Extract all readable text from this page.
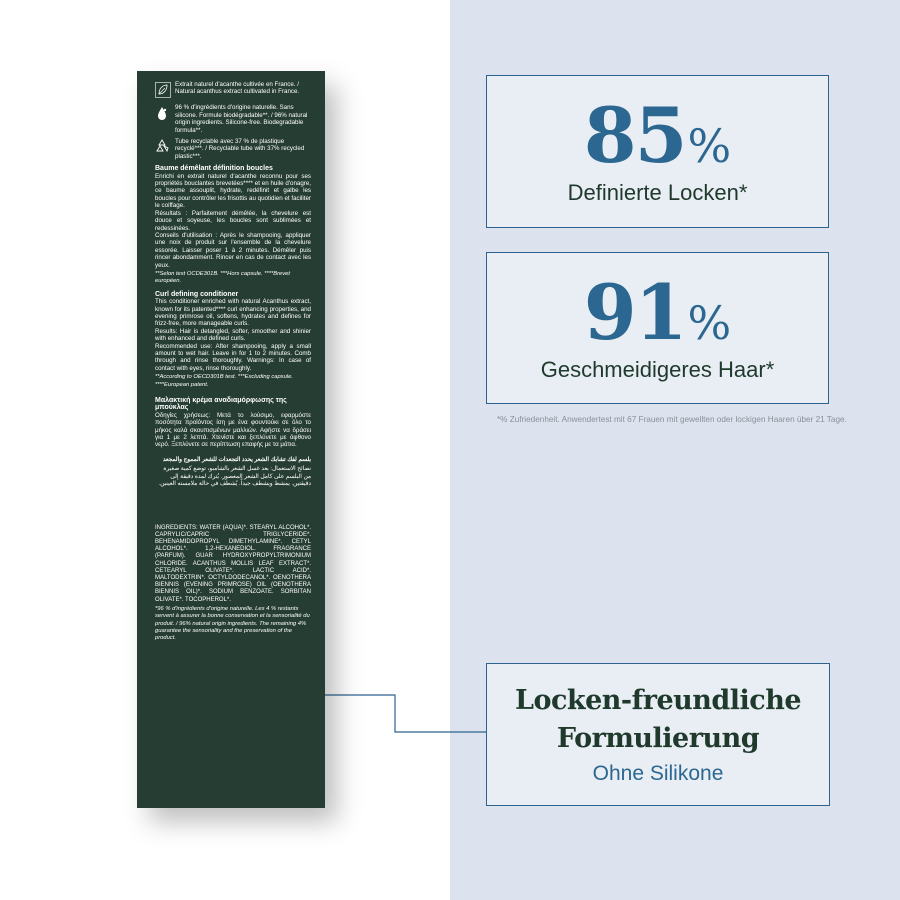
85%
Definierte Locken*
91%
Geschmeidigeres Haar*
*% Zufriedenheit. Anwendertest mit 67 Frauen mit gewellten oder lockigen Haaren über 21 Tage.
Locken-freundliche
Formulierung
Ohne Silikone
Extrait naturel d'acanthe cultivée en France. / Natural acanthus extract cultivated in France.
96 % d'ingrédients d'origine naturelle. Sans silicone. Formule biodégradable**. / 96% natural origin ingredients. Silicone-free. Biodegradable formula**.
Tube recyclable avec 37 % de plastique recyclé***. / Recyclable tube with 37% recycled plastic***.
Baume démêlant définition boucles
Enrichi en extrait naturel d'acanthe reconnu pour ses propriétés bouclantes brevetées**** et en huile d'onagre, ce baume assouplit, hydrate, redéfinit et galbe les boucles pour contrôler les frisottis au quotidien et faciliter le coiffage.
Résultats : Parfaitement démêlée, la chevelure est douce et soyeuse, les boucles sont sublimées et redessinées.
Conseils d'utilisation : Après le shampooing, appliquer une noix de produit sur l'ensemble de la chevelure essorée. Laisser poser 1 à 2 minutes. Démêler puis rincer abondamment. Rincer en cas de contact avec les yeux.
**Selon test OCDE301B. ***Hors capsule. ****Brevet européen.
Curl defining conditioner
This conditioner enriched with natural Acanthus extract, known for its patented**** curl enhancing properties, and evening primrose oil, softens, hydrates and defines for frizz-free, more manageable curls.
Results: Hair is detangled, softer, smoother and shinier with enhanced and defined curls.
Recommended use: After shampooing, apply a small amount to wet hair. Leave in for 1 to 2 minutes. Comb through and rinse thoroughly. Warnings: In case of contact with eyes, rinse thoroughly.
**According to OECD301B test. ***Excluding capsule. ****European patent.
Μαλακτική κρέμα αναδιαμόρφωσης της μπούκλας
Οδηγίες χρήσεως: Μετά το λούσιμο, εφαρμόστε ποσότητα προϊόντος ίση με ένα φουντούκι σε όλο το μήκος καλά σκουπισμένων μαλλιών. Αφήστε να δράσει για 1 με 2 λεπτά. Χτενίστε και ξεπλύνετε με άφθονο νερό. Ξεπλύνετε σε περίπτωση επαφής με τα μάτια.
بلسم لفك تشابك الشعر يحدد التجعدات للشعر المموج والمجعد
نصائح الاستعمال: بعد غسل الشعر بالشامبو، توضع كمية صغيرة من البلسم على كامل الشعر المعصور. يُترك لمدة دقيقة إلى دقيقتين. يمشط ويشطف جيداً. يُشطف في حالة ملامسته العينين.
INGREDIENTS: WATER (AQUA)*. STEARYL ALCOHOL*. CAPRYLIC/CAPRIC TRIGLYCERIDE*. BEHENAMIDOPROPYL DIMETHYLAMINE*. CETYL ALCOHOL*. 1,2-HEXANEDIOL. FRAGRANCE (PARFUM). GUAR HYDROXYPROPYLTRIMONIUM CHLORIDE. ACANTHUS MOLLIS LEAF EXTRACT*. CETEARYL OLIVATE*. LACTIC ACID*. MALTODEXTRIN*. OCTYLDODECANOL*. OENOTHERA BIENNIS (EVENING PRIMROSE) OIL (OENOTHERA BIENNIS OIL)*. SODIUM BENZOATE. SORBITAN OLIVATE*. TOCOPHEROL*.
*96 % d'ingrédients d'origine naturelle. Les 4 % restants servent à assurer la bonne conservation et la sensorialité du produit. / 96% natural origin ingredients. The remaining 4% guarantee the sensoriality and the preservation of the product.
